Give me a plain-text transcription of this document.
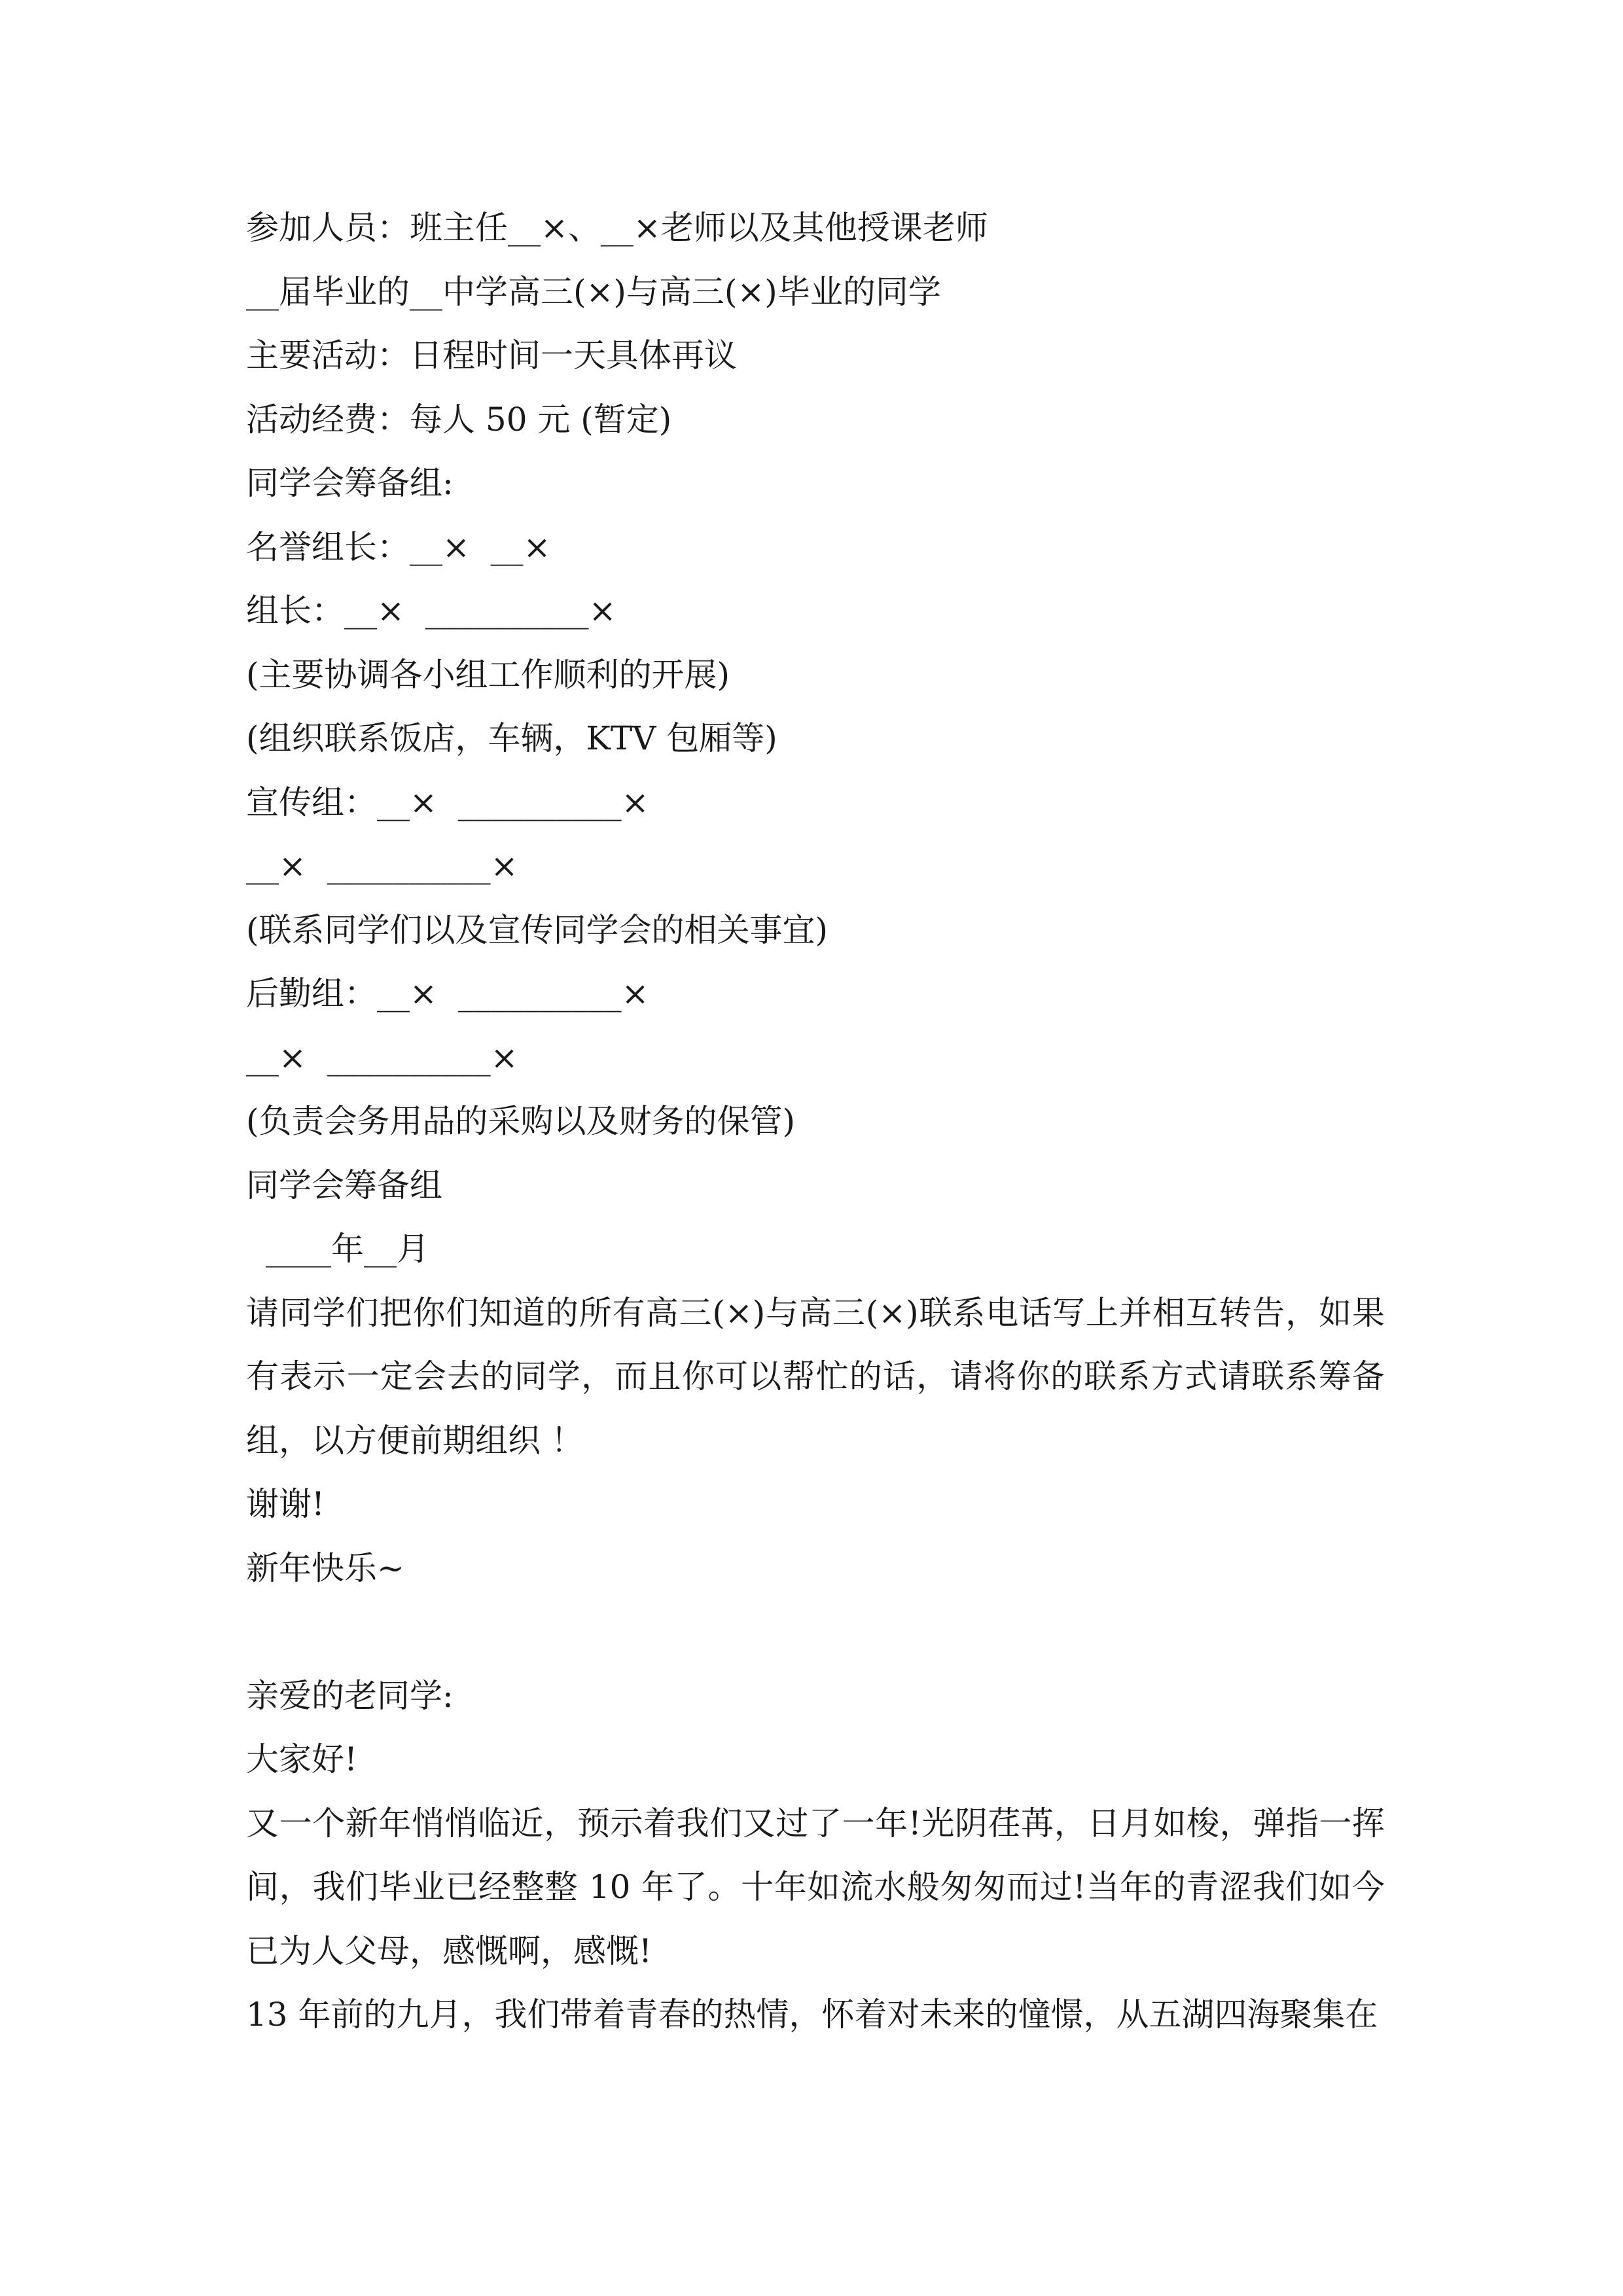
参加人员：班主任__×、__×老师以及其他授课老师
__届毕业的__中学高三(×)与高三(×)毕业的同学
主要活动：日程时间一天具体再议
活动经费：每人 50 元 (暂定)
同学会筹备组:
名誉组长：__×  __×
组长：__×  __________×
(主要协调各小组工作顺利的开展)
(组织联系饭店，车辆，KTV 包厢等)
宣传组：__×  __________×
__×  __________×
(联系同学们以及宣传同学会的相关事宜)
后勤组：__×  __________×
__×  __________×
(负责会务用品的采购以及财务的保管)
同学会筹备组
____年__月

请同学们把你们知道的所有高三(×)与高三(×)联系电话写上并相互转告，如果有表示一定会去的同学，而且你可以帮忙的话，请将你的联系方式请联系筹备组，以方便前期组织 ！

谢谢!
新年快乐~
亲爱的老同学:
大家好!

又一个新年悄悄临近，预示着我们又过了一年!光阴荏苒，日月如梭，弹指一挥间，我们毕业已经整整 10 年了。十年如流水般匆匆而过!当年的青涩我们如今已为人父母，感慨啊，感慨!

13 年前的九月，我们带着青春的热情，怀着对未来的憧憬，从五湖四海聚集在
